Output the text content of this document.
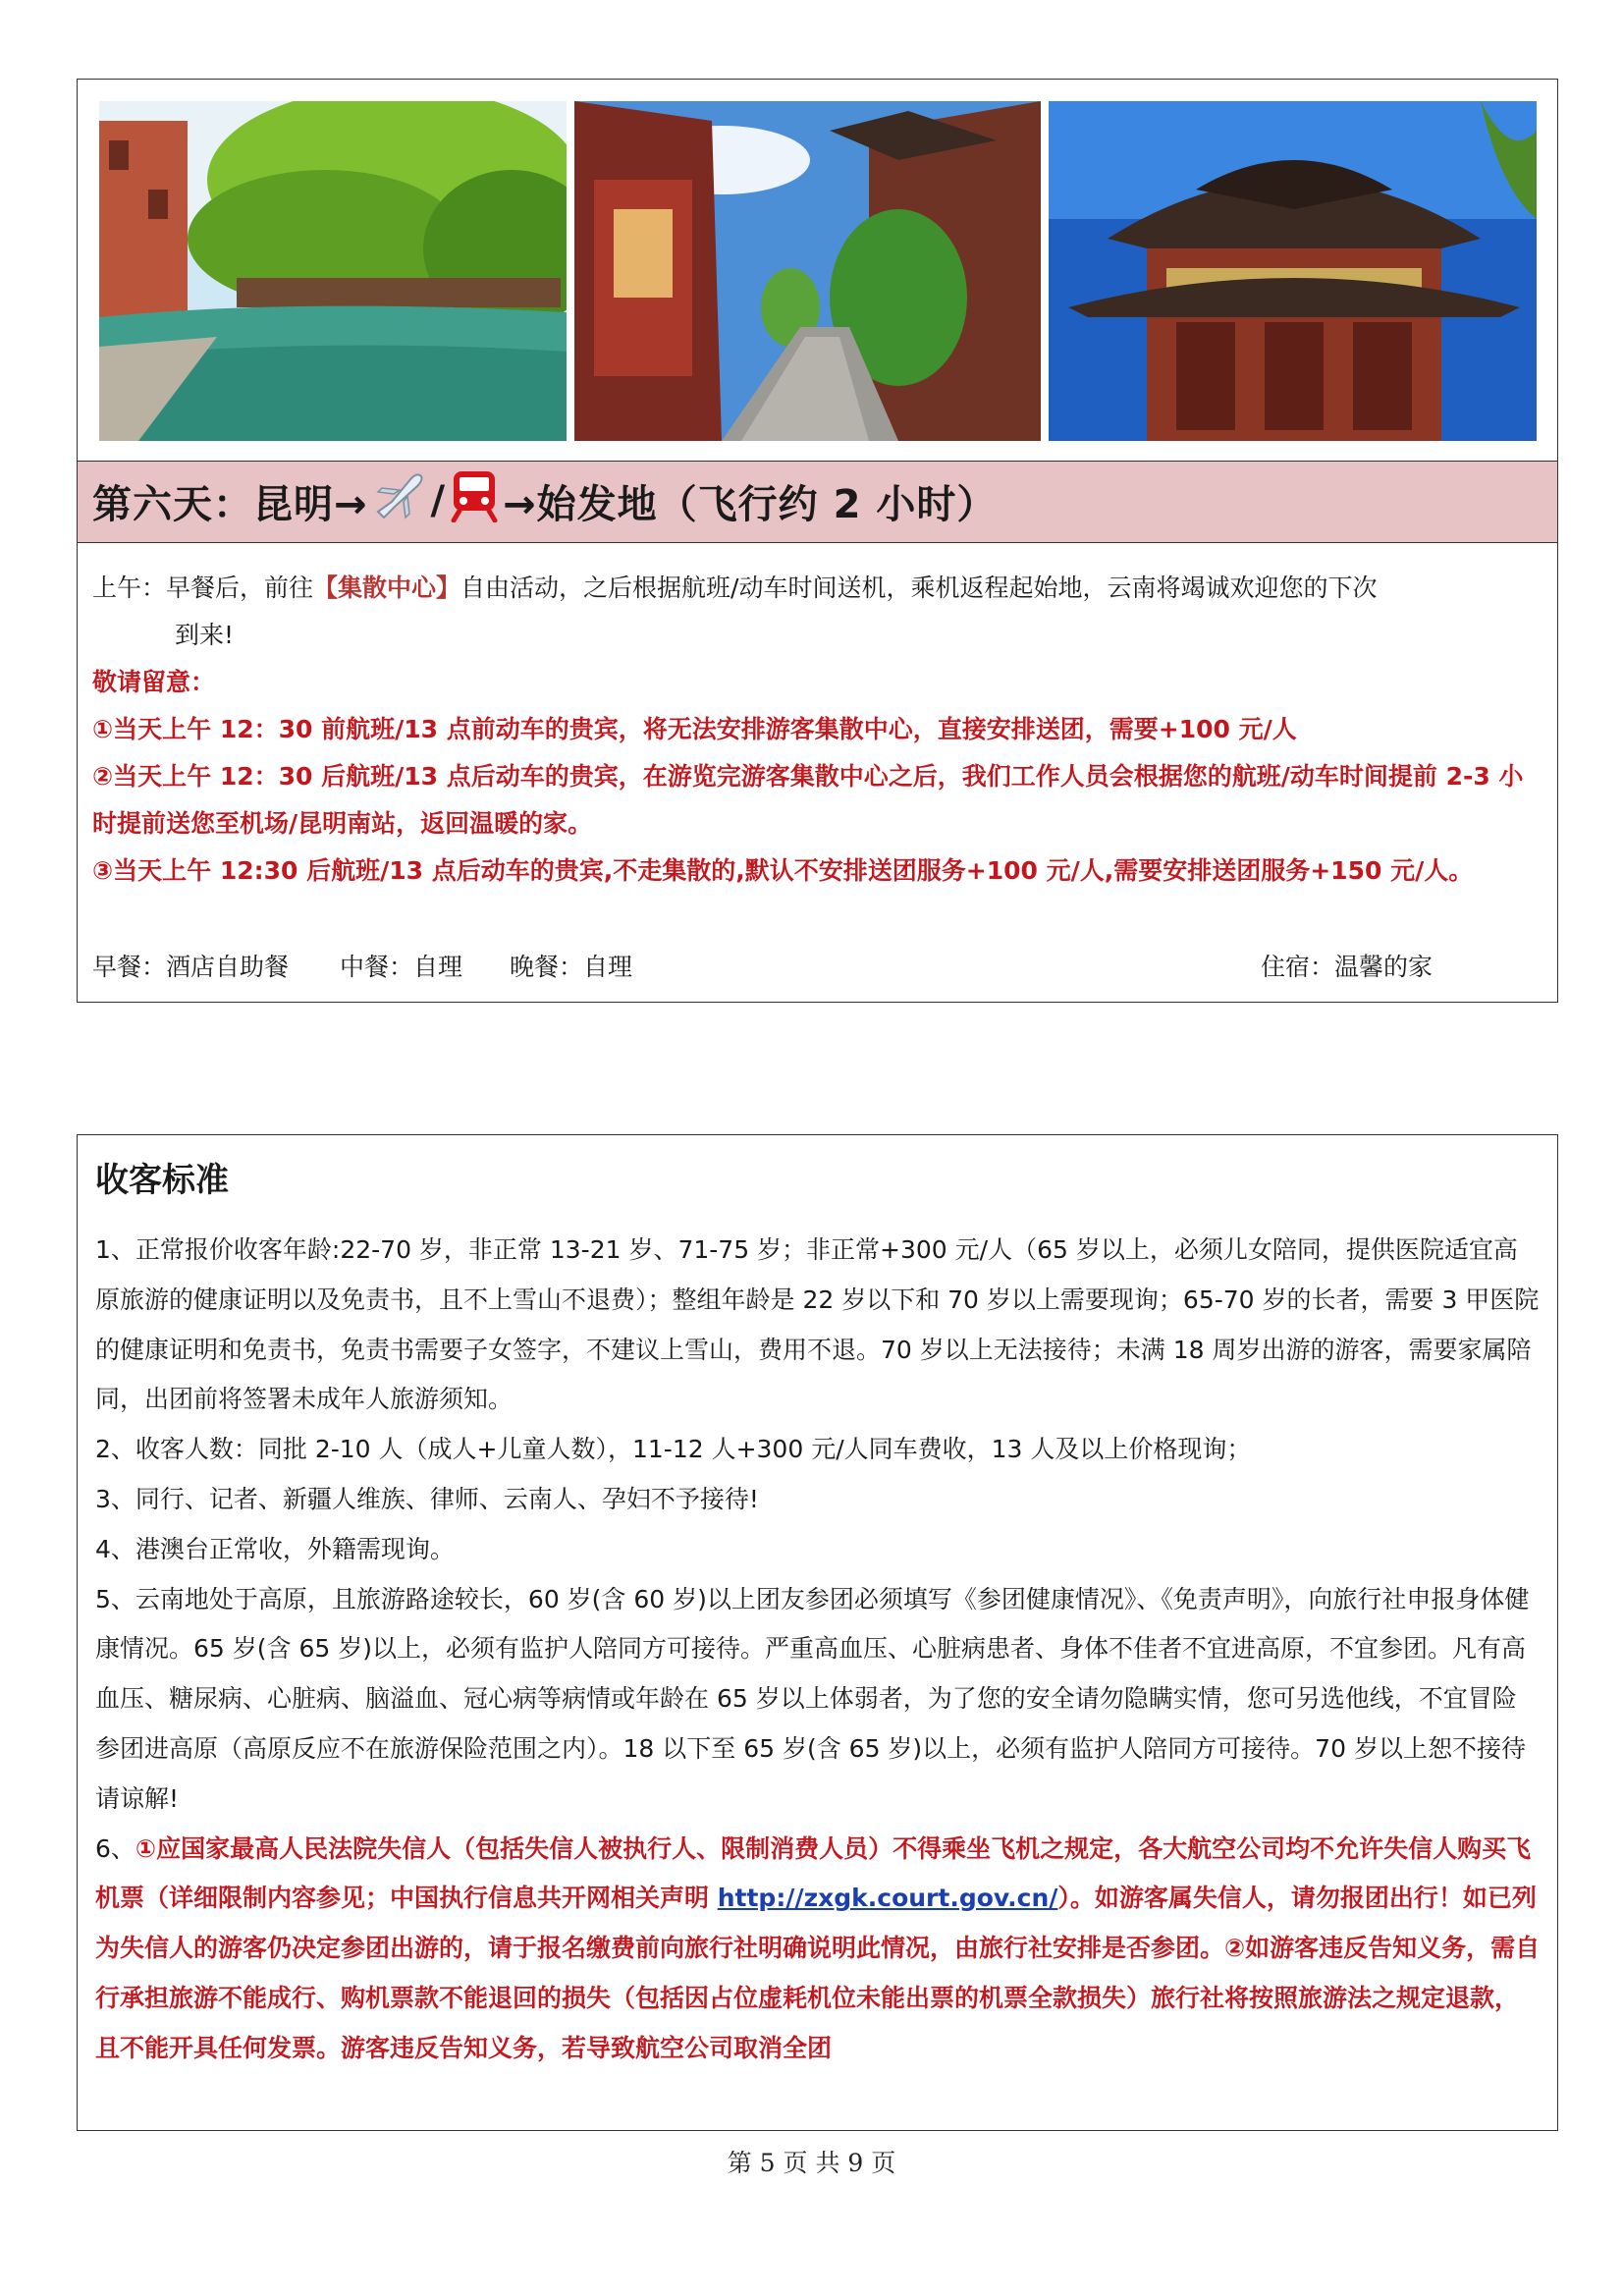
第六天：昆明→ / →始发地（飞行约 2 小时）

上午：早餐后，前往【集散中心】自由活动，之后根据航班/动车时间送机，乘机返程起始地，云南将竭诚欢迎您的下次

到来!

敬请留意：

①当天上午 12：30 前航班/13 点前动车的贵宾，将无法安排游客集散中心，直接安排送团，需要+100 元/人

②当天上午 12：30 后航班/13 点后动车的贵宾，在游览完游客集散中心之后，我们工作人员会根据您的航班/动车时间提前 2-3 小时提前送您至机场/昆明南站，返回温暖的家。

③当天上午 12:30 后航班/13 点后动车的贵宾,不走集散的,默认不安排送团服务+100 元/人,需要安排送团服务+150 元/人。

早餐：酒店自助餐 中餐：自理 晚餐：自理	住宿：温馨的家
收客标准

1、正常报价收客年龄:22-70 岁，非正常 13-21 岁、71-75 岁；非正常+300 元/人（65 岁以上，必须儿女陪同，提供医院适宜高原旅游的健康证明以及免责书，且不上雪山不退费）；整组年龄是 22 岁以下和 70 岁以上需要现询；65-70 岁的长者，需要 3 甲医院的健康证明和免责书，免责书需要子女签字，不建议上雪山，费用不退。70 岁以上无法接待；未满 18 周岁出游的游客，需要家属陪同，出团前将签署未成年人旅游须知。

2、收客人数：同批 2-10 人（成人+儿童人数），11-12 人+300 元/人同车费收，13 人及以上价格现询；

3、同行、记者、新疆人维族、律师、云南人、孕妇不予接待!

4、港澳台正常收，外籍需现询。

5、云南地处于高原，且旅游路途较长，60 岁(含 60 岁)以上团友参团必须填写《参团健康情况》、《免责声明》，向旅行社申报身体健康情况。65 岁(含 65 岁)以上，必须有监护人陪同方可接待。严重高血压、心脏病患者、身体不佳者不宜进高原，不宜参团。凡有高血压、糖尿病、心脏病、脑溢血、冠心病等病情或年龄在 65 岁以上体弱者，为了您的安全请勿隐瞒实情，您可另选他线，不宜冒险参团进高原（高原反应不在旅游保险范围之内）。18 以下至 65 岁(含 65 岁)以上，必须有监护人陪同方可接待。70 岁以上恕不接待请谅解!

6、①应国家最高人民法院失信人（包括失信人被执行人、限制消费人员）不得乘坐飞机之规定，各大航空公司均不允许失信人购买飞机票（详细限制内容参见；中国执行信息共开网相关声明 http://zxgk.court.gov.cn/）。如游客属失信人，请勿报团出行！如已列为失信人的游客仍决定参团出游的，请于报名缴费前向旅行社明确说明此情况，由旅行社安排是否参团。②如游客违反告知义务，需自行承担旅游不能成行、购机票款不能退回的损失（包括因占位虚耗机位未能出票的机票全款损失）旅行社将按照旅游法之规定退款，且不能开具任何发票。游客违反告知义务，若导致航空公司取消全团

第 5 页 共 9 页
